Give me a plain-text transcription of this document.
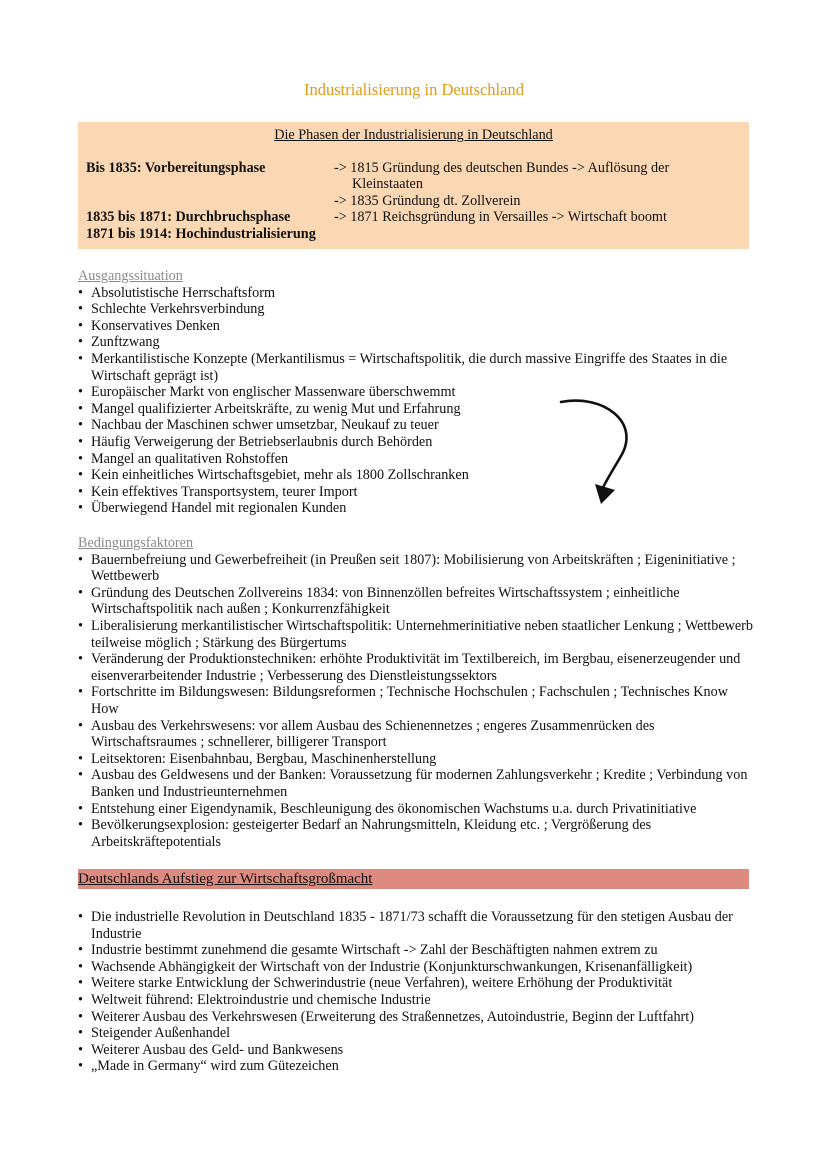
Industrialisierung in Deutschland
Die Phasen der Industrialisierung in Deutschland
Bis 1835: Vorbereitungsphase	-> 1815 Gründung des deutschen Bundes -> Auflösung der Kleinstaaten
-> 1835 Gründung dt. Zollverein
1835 bis 1871: Durchbruchsphase	-> 1871 Reichsgründung in Versailles -> Wirtschaft boomt
1871 bis 1914: Hochindustrialisierung
Ausgangssituation
• Absolutistische Herrschaftsform
• Schlechte Verkehrsverbindung
• Konservatives Denken
• Zunftzwang
• Merkantilistische Konzepte (Merkantilismus = Wirtschaftspolitik, die durch massive Eingriffe des Staates in die Wirtschaft geprägt ist)
• Europäischer Markt von englischer Massenware überschwemmt
• Mangel qualifizierter Arbeitskräfte, zu wenig Mut und Erfahrung
• Nachbau der Maschinen schwer umsetzbar, Neukauf zu teuer
• Häufig Verweigerung der Betriebserlaubnis durch Behörden
• Mangel an qualitativen Rohstoffen
• Kein einheitliches Wirtschaftsgebiet, mehr als 1800 Zollschranken
• Kein effektives Transportsystem, teurer Import
• Überwiegend Handel mit regionalen Kunden
Bedingungsfaktoren
• Bauernbefreiung und Gewerbefreiheit (in Preußen seit 1807): Mobilisierung von Arbeitskräften ; Eigeninitiative ; Wettbewerb
• Gründung des Deutschen Zollvereins 1834: von Binnenzöllen befreites Wirtschaftssystem ; einheitliche Wirtschaftspolitik nach außen ; Konkurrenzfähigkeit
• Liberalisierung merkantilistischer Wirtschaftspolitik: Unternehmerinitiative neben staatlicher Lenkung ; Wettbewerb teilweise möglich ; Stärkung des Bürgertums
• Veränderung der Produktionstechniken: erhöhte Produktivität im Textilbereich, im Bergbau, eisenerzeugender und eisenverarbeitender Industrie ; Verbesserung des Dienstleistungssektors
• Fortschritte im Bildungswesen: Bildungsreformen ; Technische Hochschulen ; Fachschulen ; Technisches Know How
• Ausbau des Verkehrswesens: vor allem Ausbau des Schienennetzes ; engeres Zusammenrücken des Wirtschaftsraumes ; schnellerer, billigerer Transport
• Leitsektoren: Eisenbahnbau, Bergbau, Maschinenherstellung
• Ausbau des Geldwesens und der Banken: Voraussetzung für modernen Zahlungsverkehr ; Kredite ; Verbindung von Banken und Industrieunternehmen
• Entstehung einer Eigendynamik, Beschleunigung des ökonomischen Wachstums u.a. durch Privatinitiative
• Bevölkerungsexplosion: gesteigerter Bedarf an Nahrungsmitteln, Kleidung etc. ; Vergrößerung des Arbeitskräftepotentials
Deutschlands Aufstieg zur Wirtschaftsgroßmacht
• Die industrielle Revolution in Deutschland 1835 - 1871/73 schafft die Voraussetzung für den stetigen Ausbau der Industrie
• Industrie bestimmt zunehmend die gesamte Wirtschaft -> Zahl der Beschäftigten nahmen extrem zu
• Wachsende Abhängigkeit der Wirtschaft von der Industrie (Konjunkturschwankungen, Krisenanfälligkeit)
• Weitere starke Entwicklung der Schwerindustrie (neue Verfahren), weitere Erhöhung der Produktivität
• Weltweit führend: Elektroindustrie und chemische Industrie
• Weiterer Ausbau des Verkehrswesen (Erweiterung des Straßennetzes, Autoindustrie, Beginn der Luftfahrt)
• Steigender Außenhandel
• Weiterer Ausbau des Geld- und Bankwesens
• „Made in Germany“ wird zum Gütezeichen
